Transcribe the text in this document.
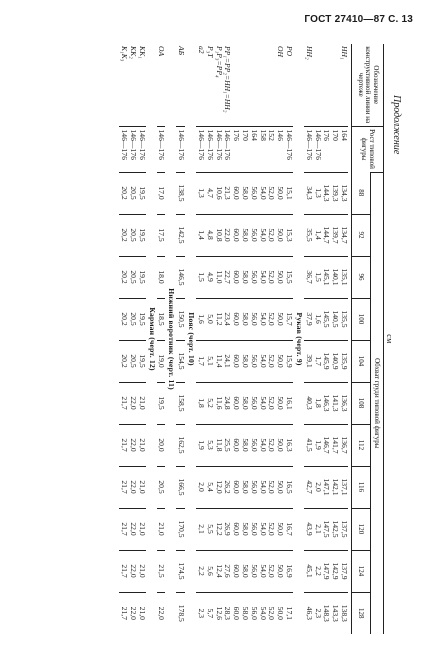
ГОСТ 27410—87 С. 13
Продолжение
см
Обозначение конструктивной линии на чертеже	Рост типовой фигуры	Обхват груди типовой фигуры										
		88	92	96	100	104	108	112	116	120	124	128

HH₁	164	134,3	134,7	135,1	135,5	135,9	136,3	136,7	137,1	137,5	137,9	138,3
	170	139,3	139,7	140,1	140,5	140,9	141,3	141,7	142,1	142,5	142,9	143,3
	176	144,3	144,7	145,1	145,5	145,9	146,3	146,7	147,1	147,5	147,9	148,3
	146—176	1,3	1,4	1,5	1,6	1,7	1,8	1,9	2,0	2,1	2,2	2,3
HH₂	146—176	34,3	35,5	36,7	37,9	39,1	40,3	41,5	42,7	43,9	45,1	46,3
Рукав (черт. 9)												
PO	146—176	15,1	15,3	15,5	15,7	15,9	16,1	16,3	16,5	16,7	16,9	17,1
OH	146	50,0	50,0	50,0	50,0	50,0	50,0	50,0	50,0	50,0	50,0	50,0
	152	52,0	52,0	52,0	52,0	52,0	52,0	52,0	52,0	52,0	52,0	52,0
	158	54,0	54,0	54,0	54,0	54,0	54,0	54,0	54,0	54,0	54,0	54,0
	164	56,0	56,0	56,0	56,0	56,0	56,0	56,0	56,0	56,0	56,0	56,0
	170	58,0	58,0	58,0	58,0	58,0	58,0	58,0	58,0	58,0	58,0	58,0
	176	60,0	60,0	60,0	60,0	60,0	60,0	60,0	60,0	60,0	60,0	60,0
PP₁=PP₂=HH₁=HH₂	146—176	21,3	22,0	22,7	23,4	24,1	24,8	25,5	26,2	26,9	27,6	28,3
P₁P₃=PP₄	146—176	10,6	10,8	11,0	11,2	11,4	11,6	11,8	12,0	12,2	12,4	12,6
P₃T	146—176	4,7	4,8	4,9	5,0	5,1	5,2	5,3	5,4	5,5	5,6	5,7
a2	146—176	1,3	1,4	1,5	1,6	1,7	1,8	1,9	2,0	2,1	2,2	2,3
Пояс (черт. 10)												
АБ	146—176	138,5	142,5	146,5	150,5	154,5	158,5	162,5	166,5	170,5	174,5	178,5
Нижний воротник (черт. 11)												
OA	146—176	17,0	17,5	18,0	18,5	19,0	19,5	20,0	20,5	21,0	21,5	22,0
Карман (черт. 12)												
KK₁	146—176	19,5	19,5	19,5	19,5	19,5	21,0	21,0	21,0	21,0	21,0	21,0
KK₂	146—176	20,5	20,5	20,5	20,5	20,5	22,0	22,0	22,0	22,0	22,0	22,0
K₁K₃	146—176	20,2	20,2	20,2	20,2	20,2	21,7	21,7	21,7	21,7	21,7	21,7
